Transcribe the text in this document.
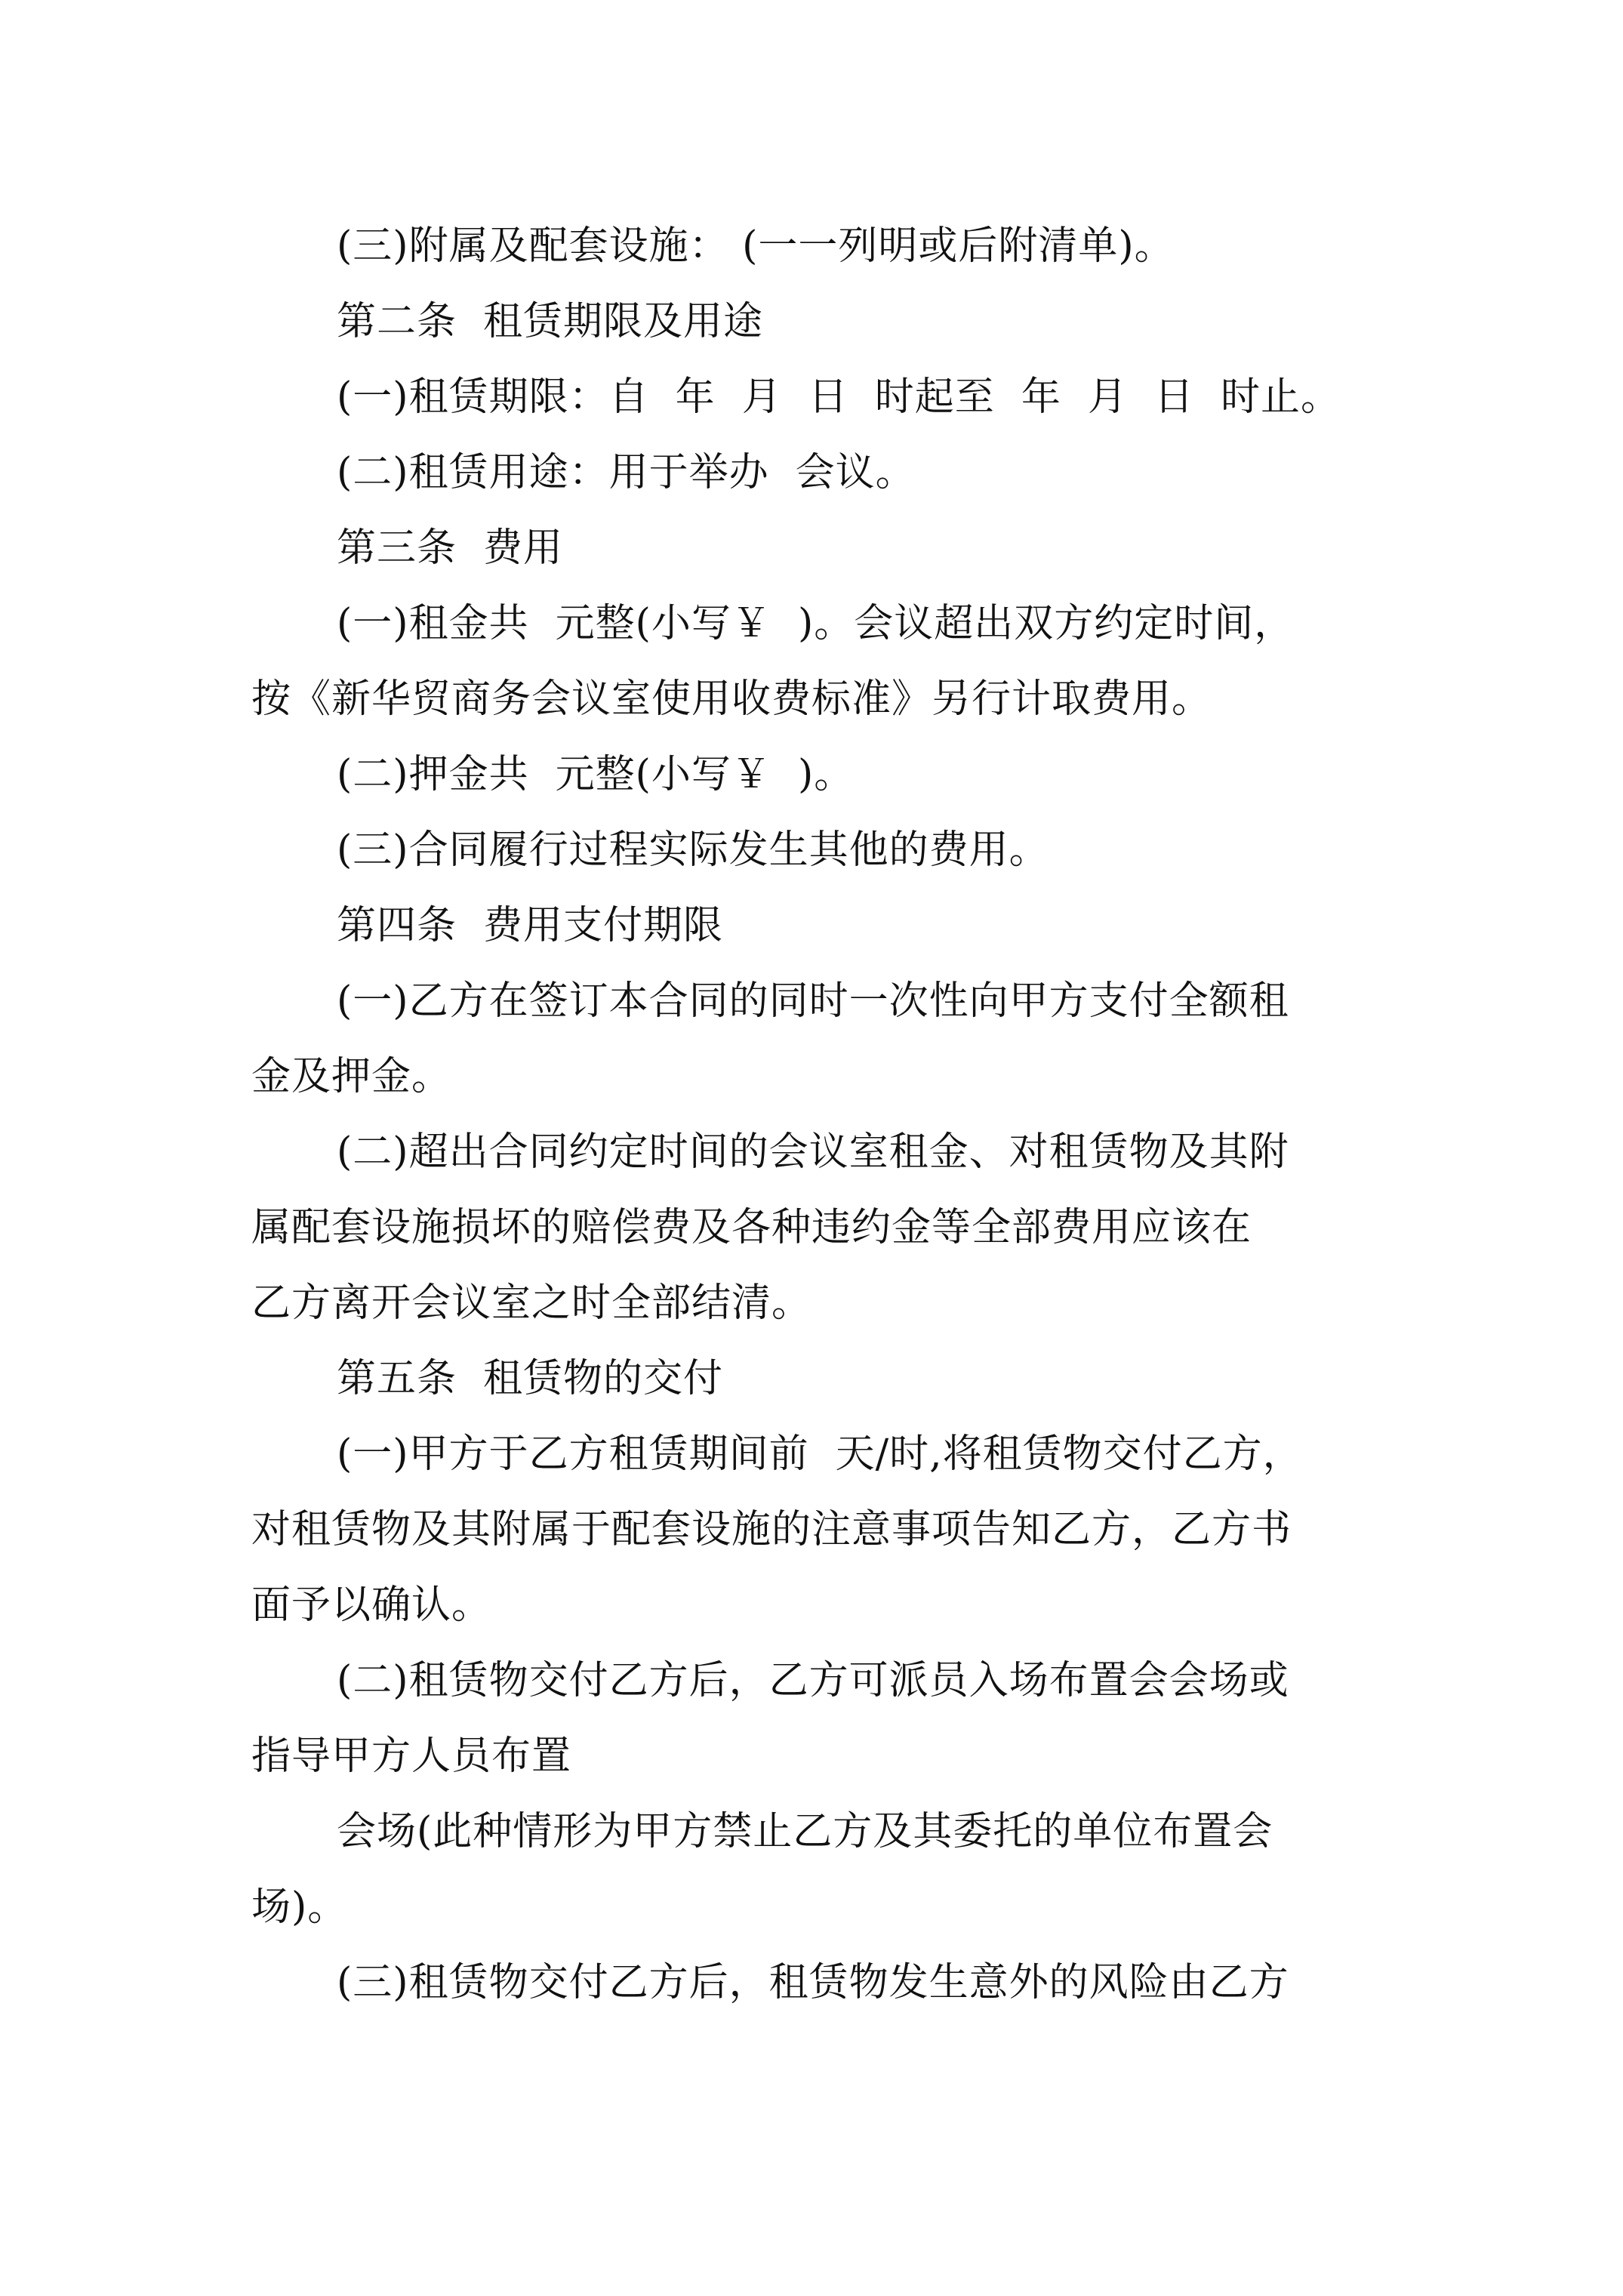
(三)附属及配套设施： (一一列明或后附清单)。
第二条  租赁期限及用途
(一)租赁期限：自  年  月  日  时起至  年  月  日  时止。
(二)租赁用途：用于举办  会议。
第三条  费用
(一)租金共  元整(小写￥  )。会议超出双方约定时间，
按《新华贸商务会议室使用收费标准》另行计取费用。
(二)押金共  元整(小写￥  )。
(三)合同履行过程实际发生其他的费用。
第四条  费用支付期限
(一)乙方在签订本合同的同时一次性向甲方支付全额租
金及押金。
(二)超出合同约定时间的会议室租金、对租赁物及其附
属配套设施损坏的赔偿费及各种违约金等全部费用应该在
乙方离开会议室之时全部结清。
第五条  租赁物的交付
(一)甲方于乙方租赁期间前  天/时,将租赁物交付乙方，
对租赁物及其附属于配套设施的注意事项告知乙方，乙方书
面予以确认。
(二)租赁物交付乙方后，乙方可派员入场布置会会场或
指导甲方人员布置
会场(此种情形为甲方禁止乙方及其委托的单位布置会
场)。
(三)租赁物交付乙方后，租赁物发生意外的风险由乙方
